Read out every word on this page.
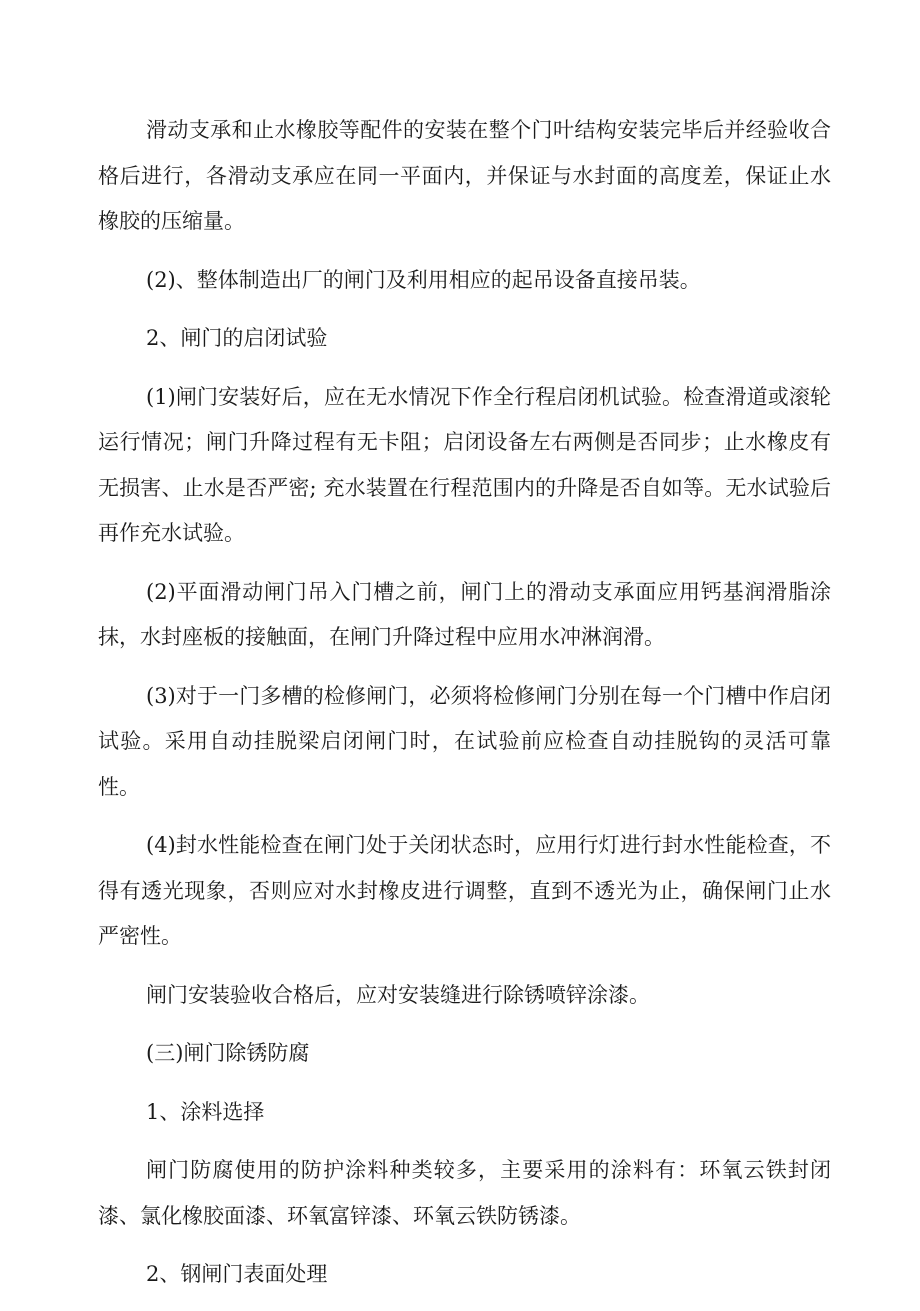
滑动支承和止水橡胶等配件的安装在整个门叶结构安装完毕后并经验收合格后进行，各滑动支承应在同一平面内，并保证与水封面的高度差，保证止水橡胶的压缩量。

(2)、整体制造出厂的闸门及利用相应的起吊设备直接吊装。

2、闸门的启闭试验

(1)闸门安装好后，应在无水情况下作全行程启闭机试验。检查滑道或滚轮运行情况；闸门升降过程有无卡阻；启闭设备左右两侧是否同步；止水橡皮有无损害、止水是否严密; 充水装置在行程范围内的升降是否自如等。无水试验后再作充水试验。

(2)平面滑动闸门吊入门槽之前，闸门上的滑动支承面应用钙基润滑脂涂抹，水封座板的接触面，在闸门升降过程中应用水冲淋润滑。

(3)对于一门多槽的检修闸门，必须将检修闸门分别在每一个门槽中作启闭试验。采用自动挂脱梁启闭闸门时，在试验前应检查自动挂脱钩的灵活可靠性。

(4)封水性能检查在闸门处于关闭状态时，应用行灯进行封水性能检查，不得有透光现象，否则应对水封橡皮进行调整，直到不透光为止，确保闸门止水严密性。

闸门安装验收合格后，应对安装缝进行除锈喷锌涂漆。

(三)闸门除锈防腐

1、涂料选择

闸门防腐使用的防护涂料种类较多，主要采用的涂料有：环氧云铁封闭漆、氯化橡胶面漆、环氧富锌漆、环氧云铁防锈漆。

2、钢闸门表面处理
